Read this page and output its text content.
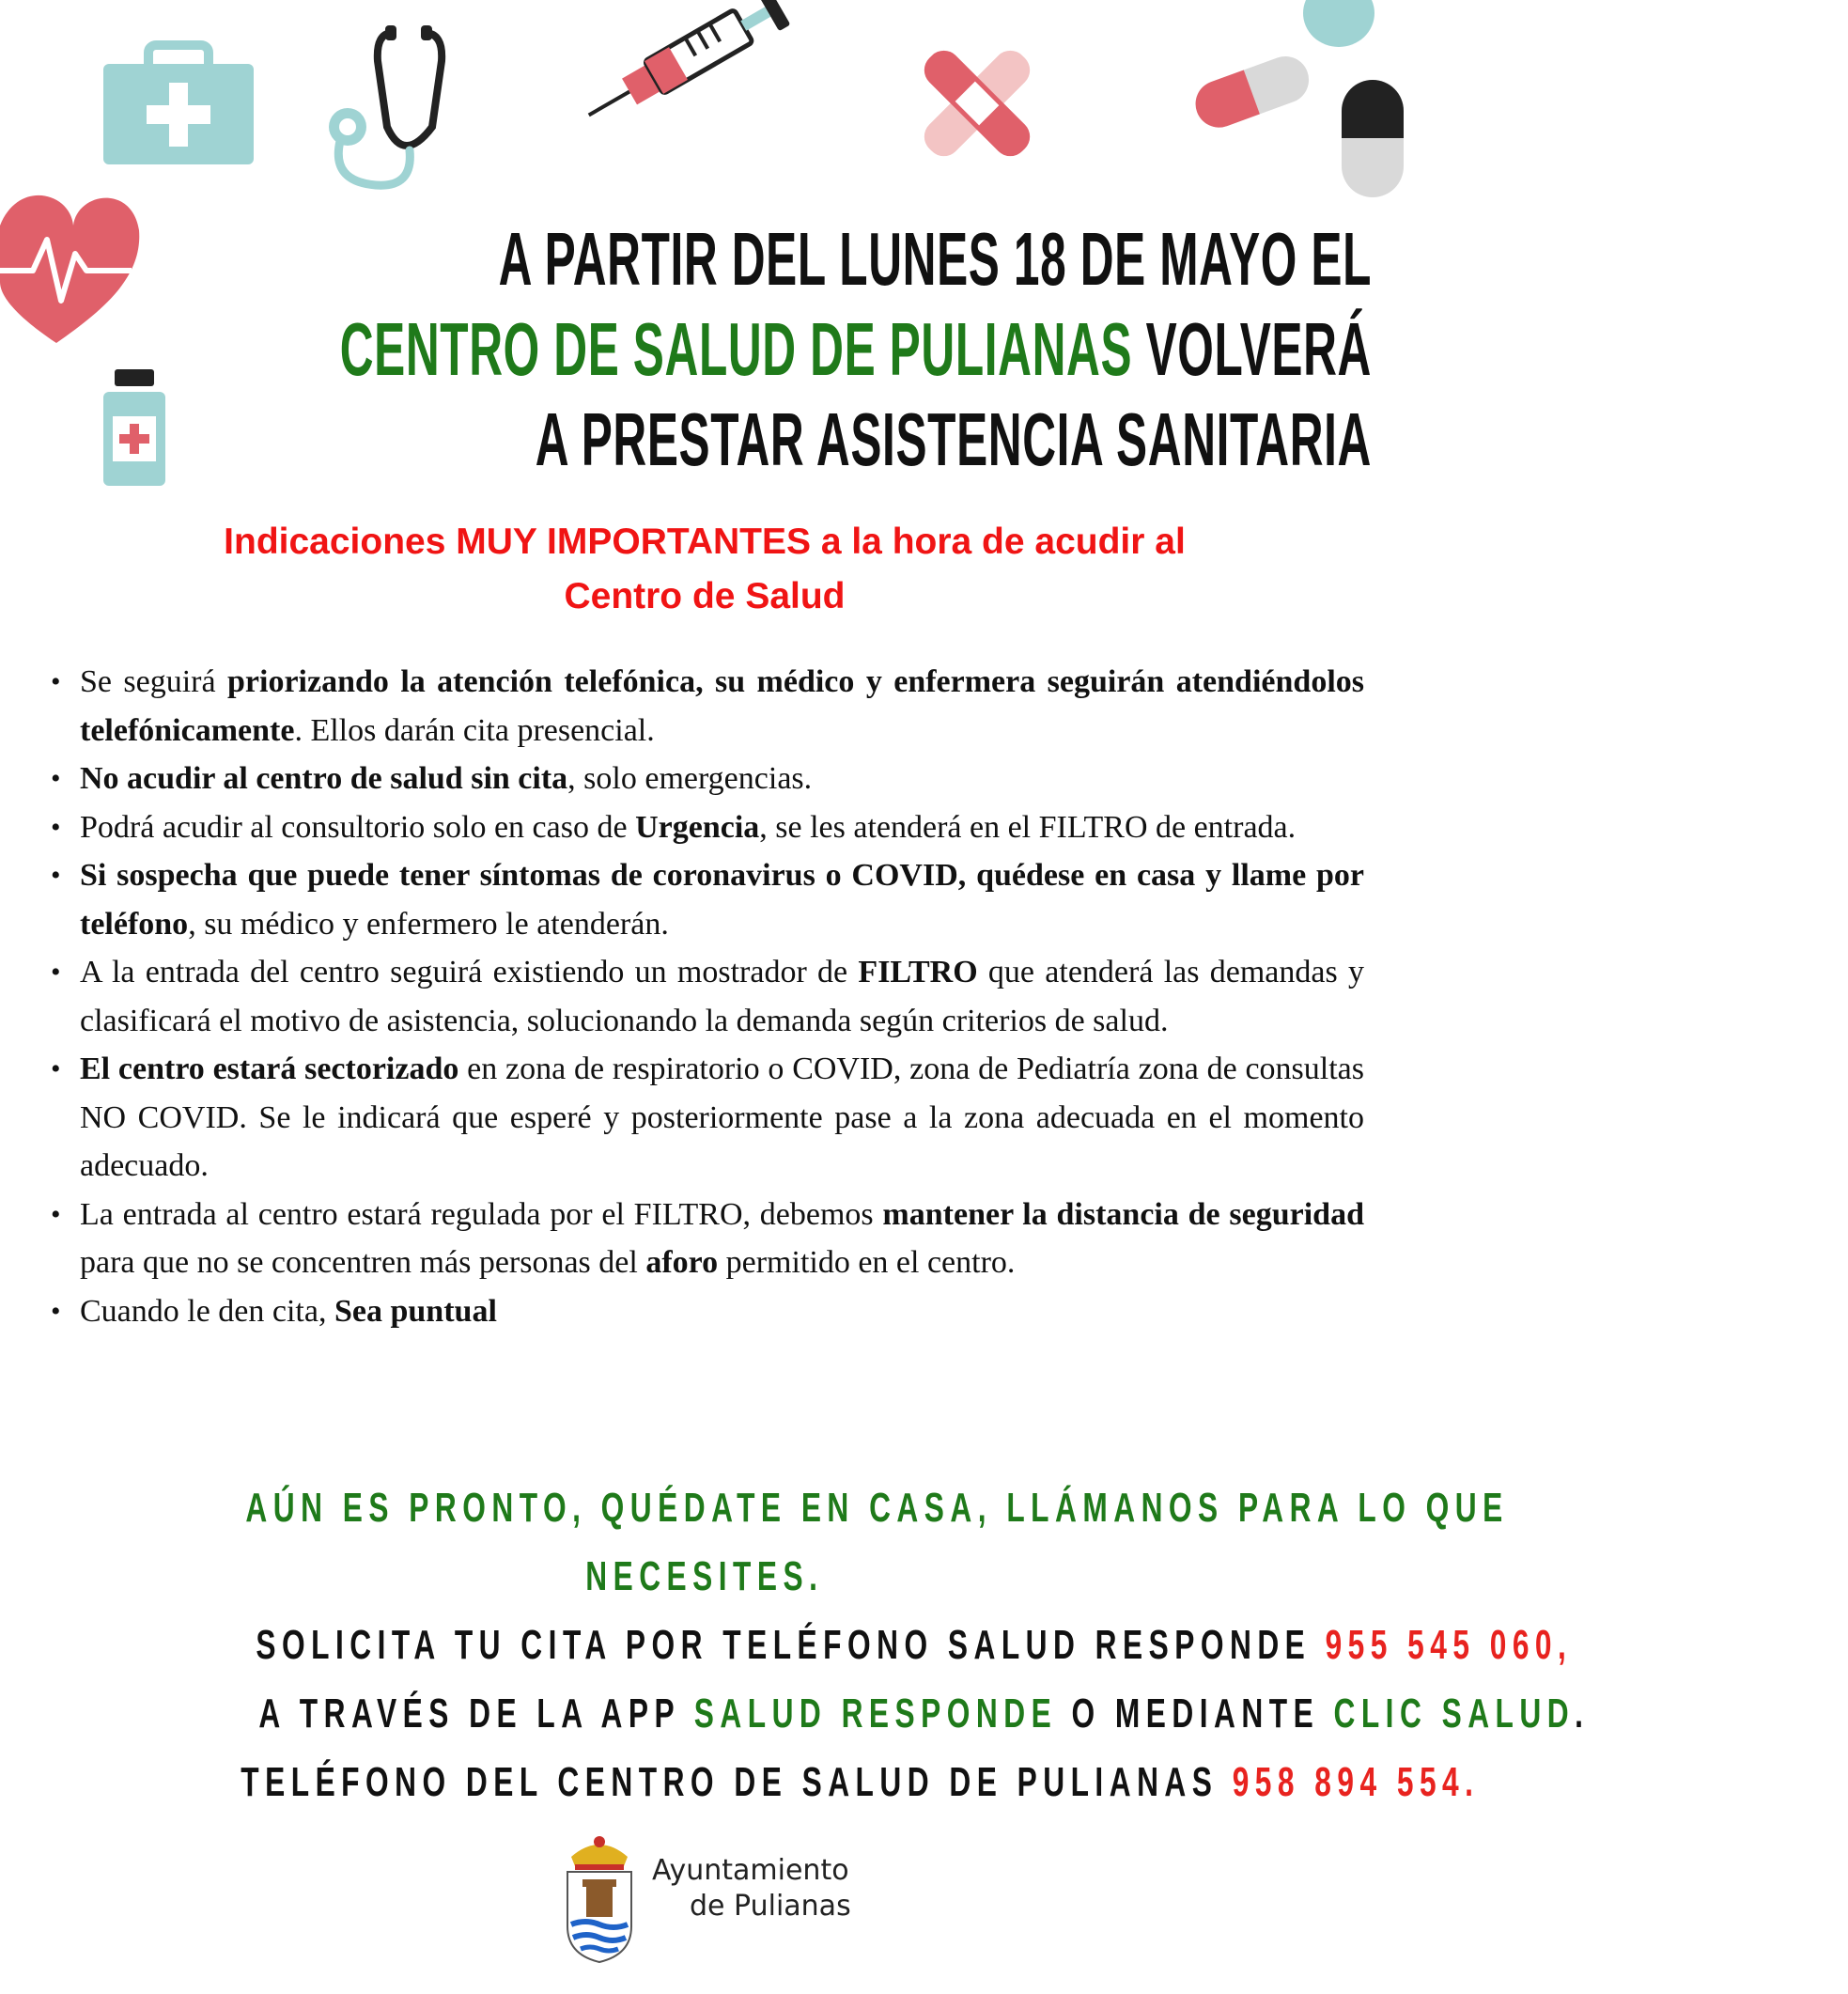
A PARTIR DEL LUNES 18 DE MAYO EL
CENTRO DE SALUD DE PULIANAS VOLVERÁ
A PRESTAR ASISTENCIA SANITARIA
Indicaciones MUY IMPORTANTES a la hora de acudir al
Centro de Salud
• Se seguirá priorizando la atención telefónica, su médico y enfermera seguirán atendiéndolos telefónicamente. Ellos darán cita presencial.
• No acudir al centro de salud sin cita, solo emergencias.
• Podrá acudir al consultorio solo en caso de Urgencia, se les atenderá en el FILTRO de entrada.
• Si sospecha que puede tener síntomas de coronavirus o COVID, quédese en casa y llame por teléfono, su médico y enfermero le atenderán.
• A la entrada del centro seguirá existiendo un mostrador de FILTRO que atenderá las demandas y clasificará el motivo de asistencia, solucionando la demanda según criterios de salud.
• El centro estará sectorizado en zona de respiratorio o COVID, zona de Pediatría zona de consultas NO COVID. Se le indicará que esperé y posteriormente pase a la zona adecuada en el momento adecuado.
• La entrada al centro estará regulada por el FILTRO, debemos mantener la distancia de seguridad para que no se concentren más personas del aforo permitido en el centro.
• Cuando le den cita, Sea puntual
AÚN ES PRONTO, QUÉDATE EN CASA, LLÁMANOS PARA LO QUE
NECESITES.
SOLICITA TU CITA POR TELÉFONO SALUD RESPONDE 955 545 060,
A TRAVÉS DE LA APP SALUD RESPONDE O MEDIANTE CLIC SALUD.
TELÉFONO DEL CENTRO DE SALUD DE PULIANAS 958 894 554.
Ayuntamiento
de Pulianas
